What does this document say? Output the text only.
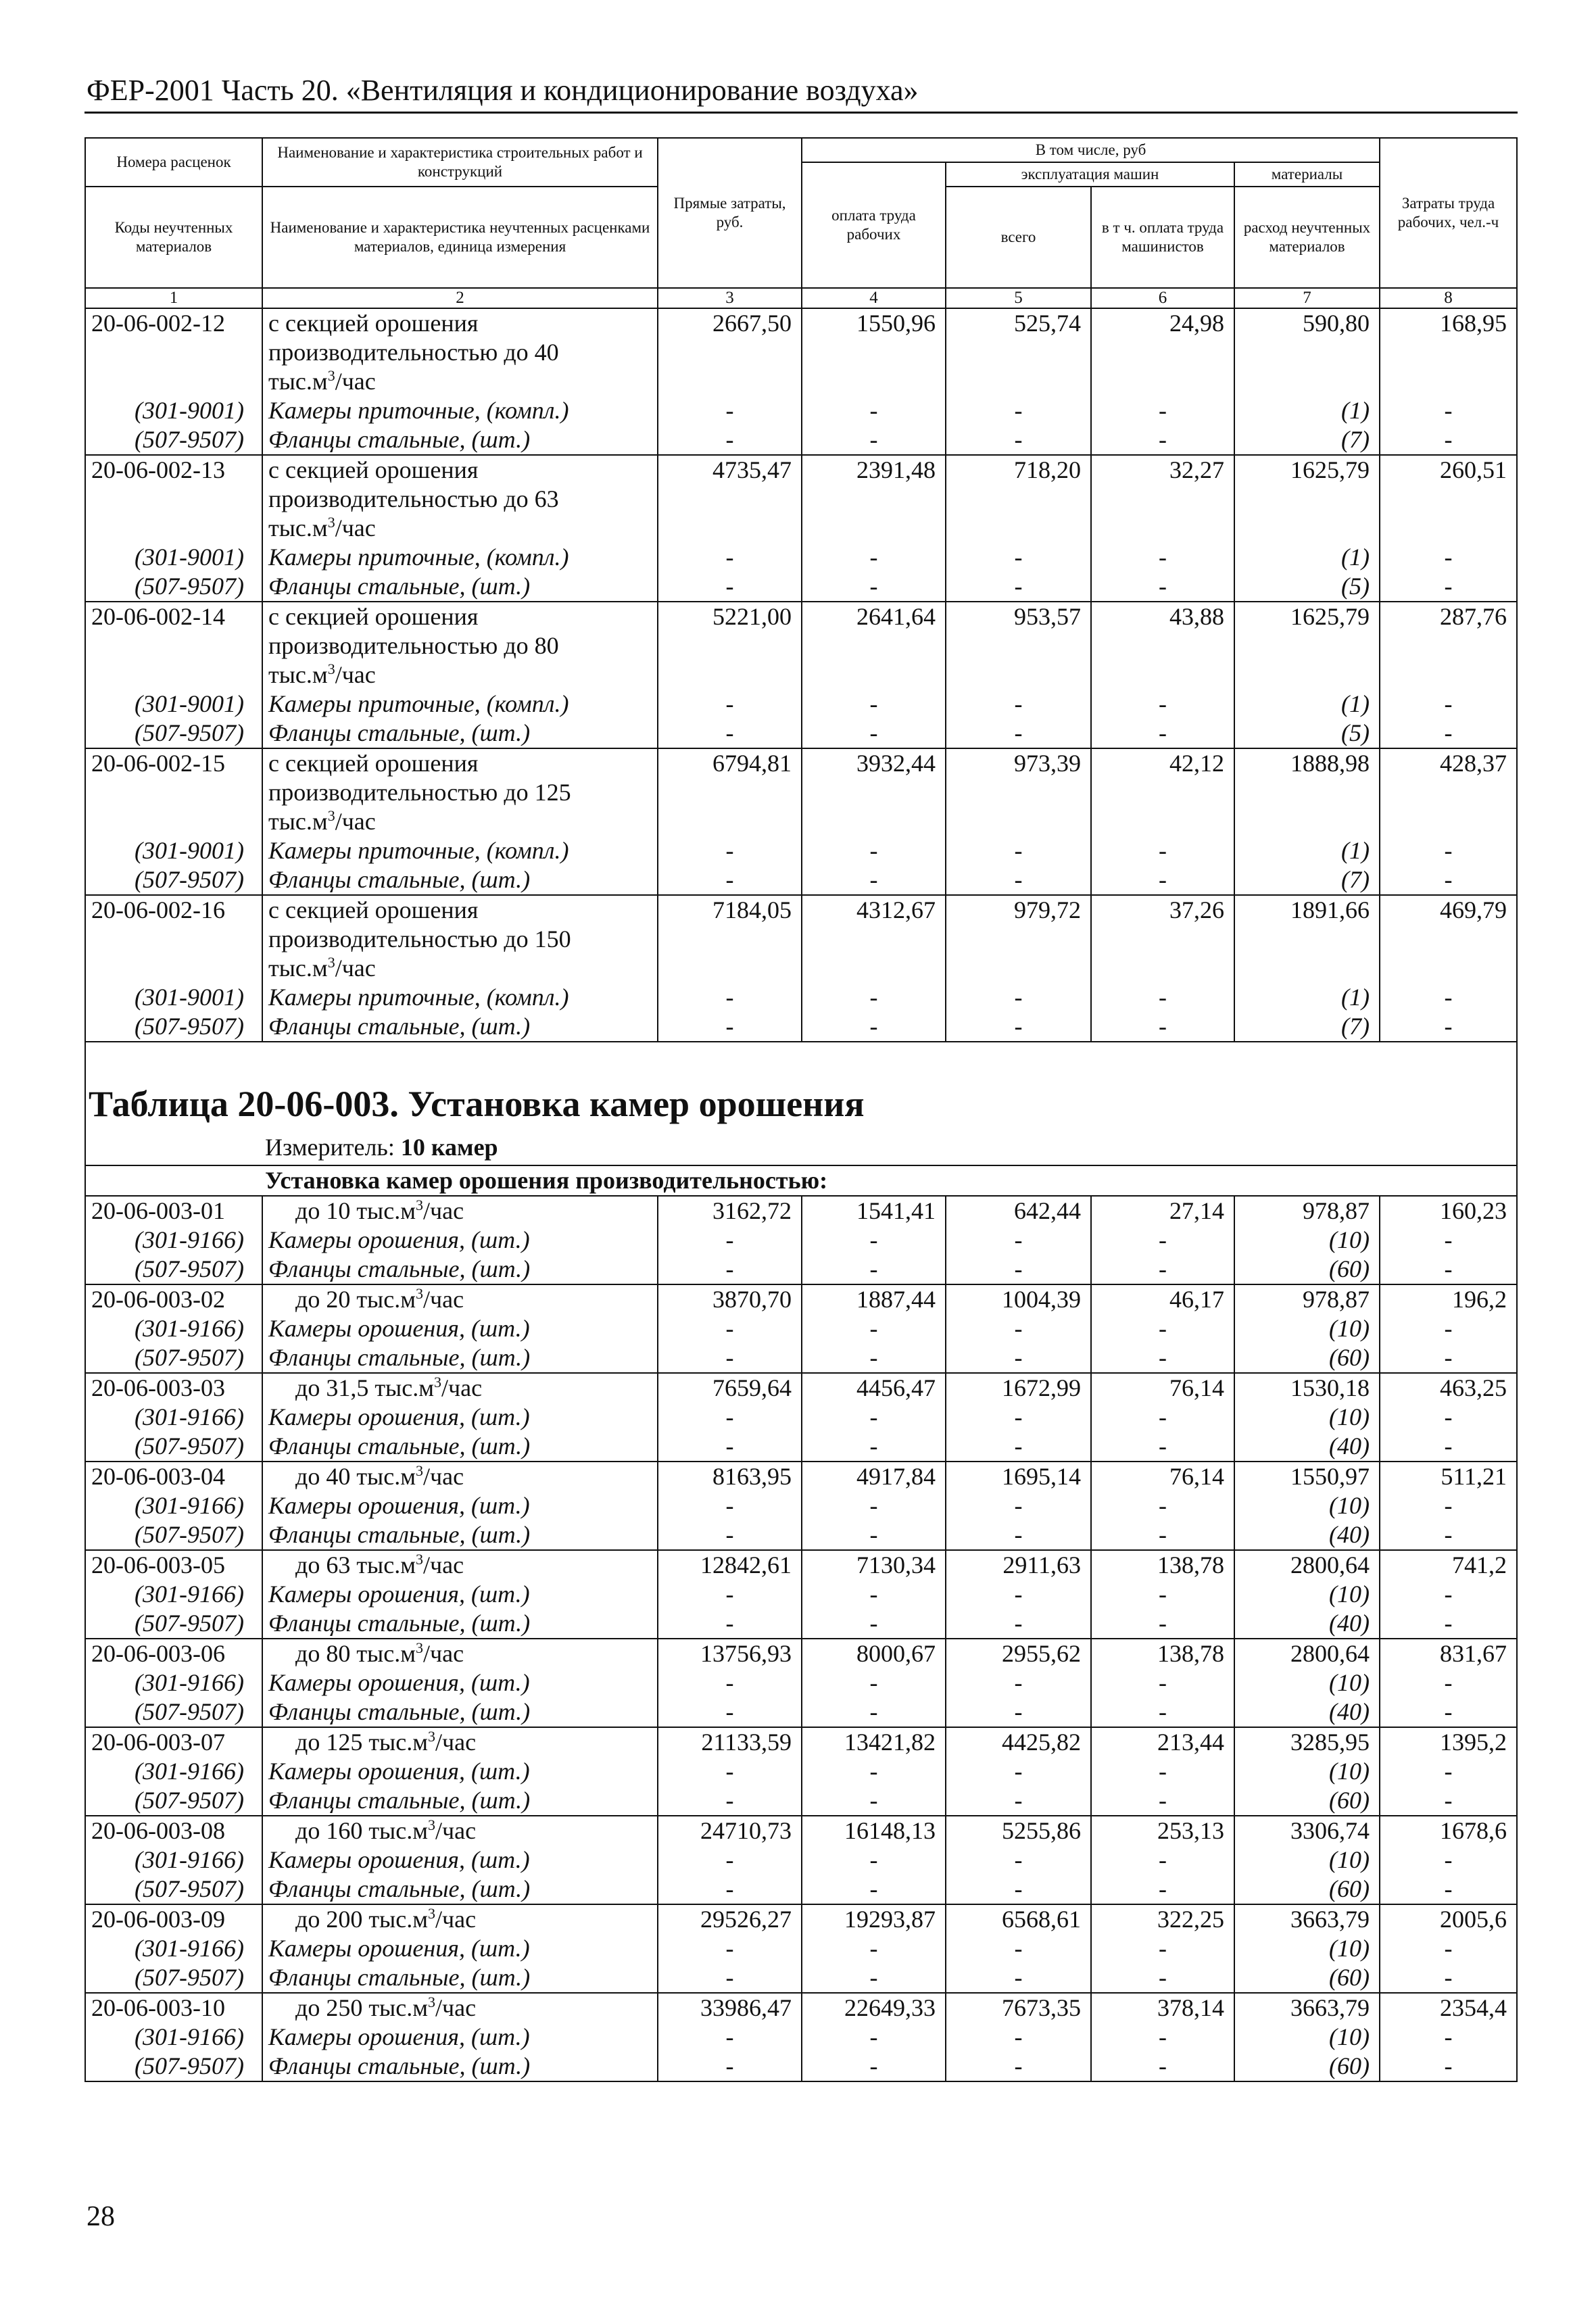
ФЕР-2001 Часть 20. «Вентиляция и кондиционирование воздуха»
Номера расценок	Наименование и характеристика строительных работ и конструкций	Прямые затраты, руб.	В том числе, руб				Затраты труда рабочих, чел.-ч
			оплата труда рабочих	эксплуатация машин		материалы	
Коды неучтенных материалов	Наименование и характеристика неучтенных расценками материалов, единица измерения			всего	в т ч. оплата труда машинистов	расход неучтенных материалов	
1	2	3	4	5	6	7	8
20-06-002-12	с секцией орошения
производительностью до 40
$тыс.м^3$/час	2667,50	1550,96	525,74	24,98	590,80	168,95
(301-9001)	Камеры приточные, (компл.)	-	-	-	-	(1)	-
(507-9507)	Фланцы стальные, (шт.)	-	-	-	-	(7)	-
20-06-002-13	с секцией орошения
производительностью до 63
$тыс.м^3$/час	4735,47	2391,48	718,20	32,27	1625,79	260,51
(301-9001)	Камеры приточные, (компл.)	-	-	-	-	(1)	-
(507-9507)	Фланцы стальные, (шт.)	-	-	-	-	(5)	-
20-06-002-14	с секцией орошения
производительностью до 80
$тыс.м^3$/час	5221,00	2641,64	953,57	43,88	1625,79	287,76
(301-9001)	Камеры приточные, (компл.)	-	-	-	-	(1)	-
(507-9507)	Фланцы стальные, (шт.)	-	-	-	-	(5)	-
20-06-002-15	с секцией орошения
производительностью до 125
$тыс.м^3$/час	6794,81	3932,44	973,39	42,12	1888,98	428,37
(301-9001)	Камеры приточные, (компл.)	-	-	-	-	(1)	-
(507-9507)	Фланцы стальные, (шт.)	-	-	-	-	(7)	-
20-06-002-16	с секцией орошения
производительностью до 150
$тыс.м^3$/час	7184,05	4312,67	979,72	37,26	1891,66	469,79
(301-9001)	Камеры приточные, (компл.)	-	-	-	-	(1)	-
(507-9507)	Фланцы стальные, (шт.)	-	-	-	-	(7)	-

Таблица 20-06-003. Установка камер орошения							
Измеритель: 10 камер							
Установка камер орошения производительностью:							
20-06-003-01	до 10 $тыс.м^3$/час	3162,72	1541,41	642,44	27,14	978,87	160,23
(301-9166)	Камеры орошения, (шт.)	-	-	-	-	(10)	-
(507-9507)	Фланцы стальные, (шт.)	-	-	-	-	(60)	-
20-06-003-02	до 20 $тыс.м^3$/час	3870,70	1887,44	1004,39	46,17	978,87	196,2
(301-9166)	Камеры орошения, (шт.)	-	-	-	-	(10)	-
(507-9507)	Фланцы стальные, (шт.)	-	-	-	-	(60)	-
20-06-003-03	до 31,5 $тыс.м^3$/час	7659,64	4456,47	1672,99	76,14	1530,18	463,25
(301-9166)	Камеры орошения, (шт.)	-	-	-	-	(10)	-
(507-9507)	Фланцы стальные, (шт.)	-	-	-	-	(40)	-
20-06-003-04	до 40 $тыс.м^3$/час	8163,95	4917,84	1695,14	76,14	1550,97	511,21
(301-9166)	Камеры орошения, (шт.)	-	-	-	-	(10)	-
(507-9507)	Фланцы стальные, (шт.)	-	-	-	-	(40)	-
20-06-003-05	до 63 $тыс.м^3$/час	12842,61	7130,34	2911,63	138,78	2800,64	741,2
(301-9166)	Камеры орошения, (шт.)	-	-	-	-	(10)	-
(507-9507)	Фланцы стальные, (шт.)	-	-	-	-	(40)	-
20-06-003-06	до 80 $тыс.м^3$/час	13756,93	8000,67	2955,62	138,78	2800,64	831,67
(301-9166)	Камеры орошения, (шт.)	-	-	-	-	(10)	-
(507-9507)	Фланцы стальные, (шт.)	-	-	-	-	(40)	-
20-06-003-07	до 125 $тыс.м^3$/час	21133,59	13421,82	4425,82	213,44	3285,95	1395,2
(301-9166)	Камеры орошения, (шт.)	-	-	-	-	(10)	-
(507-9507)	Фланцы стальные, (шт.)	-	-	-	-	(60)	-
20-06-003-08	до 160 $тыс.м^3$/час	24710,73	16148,13	5255,86	253,13	3306,74	1678,6
(301-9166)	Камеры орошения, (шт.)	-	-	-	-	(10)	-
(507-9507)	Фланцы стальные, (шт.)	-	-	-	-	(60)	-
20-06-003-09	до 200 $тыс.м^3$/час	29526,27	19293,87	6568,61	322,25	3663,79	2005,6
(301-9166)	Камеры орошения, (шт.)	-	-	-	-	(10)	-
(507-9507)	Фланцы стальные, (шт.)	-	-	-	-	(60)	-
20-06-003-10	до 250 $тыс.м^3$/час	33986,47	22649,33	7673,35	378,14	3663,79	2354,4
(301-9166)	Камеры орошения, (шт.)	-	-	-	-	(10)	-
(507-9507)	Фланцы стальные, (шт.)	-	-	-	-	(60)	-
28
